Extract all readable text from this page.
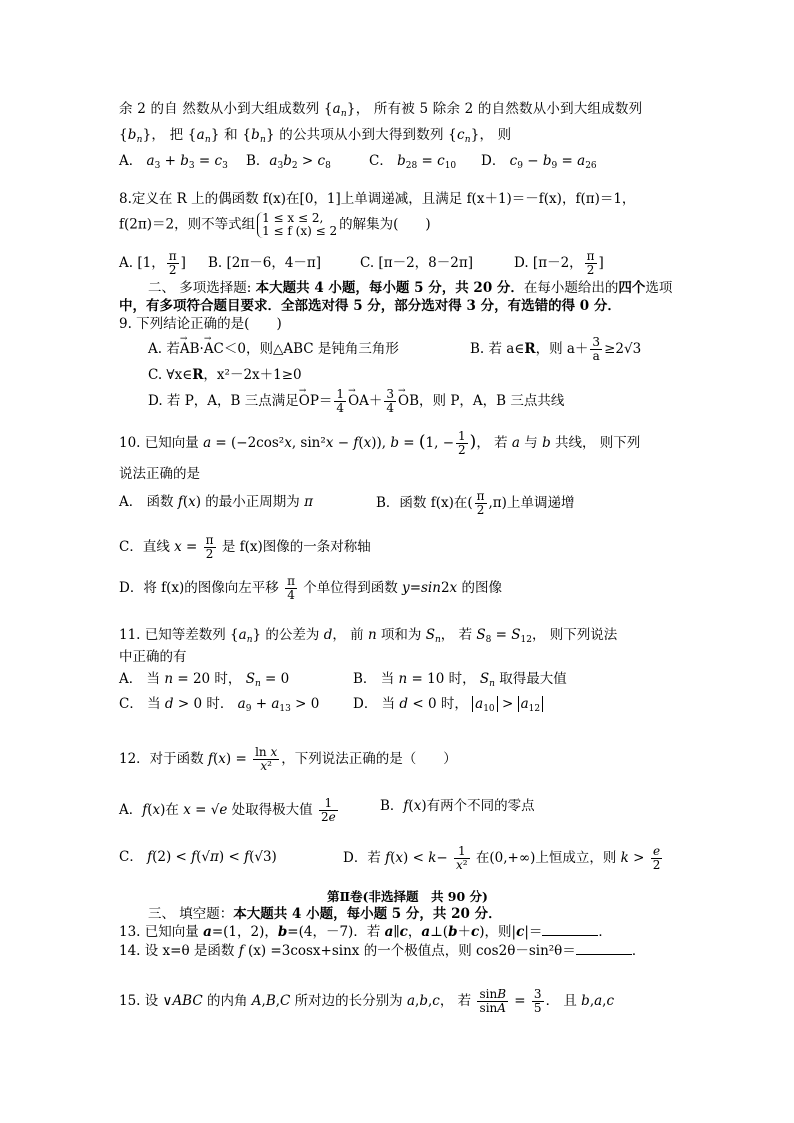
余 2 的自 然数从小到大组成数列 $\{a_n\}$， 所有被 5 除余 2 的自然数从小到大组成数列
$\{b_n\}$， 把 $\{a_n\}$ 和 $\{b_n\}$ 的公共项从小到大得到数列 $\{c_n\}$， 则
A． $a_3 + b_3 = c_3$ B．$a_3b_2 > c_8$	C． $b_{28} = c_{10}$ D． $c_9 - b_9 = a_{26}$
8.定义在 R 上的偶函数 f(x)在[0，1]上单调递减，且满足 f(x＋1)＝－f(x)，f(π)＝1，
f(2π)＝2，则不等式组 1 ≤ x ≤ 2,
1 ≤ f (x) ≤ 2 的解集为(　　)
A. [1， $\frac{\pi}{2}$ ] B. [2π－6，4－π]	C. [π－2，8－2π]	D. [π－2， $\frac{\pi}{2}$ ]
二、 多项选择题: 本大题共 4 小题，每小题 5 分，共 20 分．在每小题给出的四个选项
中，有多项符合题目要求．全部选对得 5 分，部分选对得 3 分，有选错的得 0 分．
9. 下列结论正确的是(　　)
A. 若→ AB·→ AC＜0，则△ABC 是钝角三角形	B. 若 a∈R，则 $a+ \frac{3}{a} \ge 2√3$
C. ∀x∈R，x²－2x＋1≥0
D. 若 P，A，B 三点满足→ $OP= \frac{1}{4}$
→ $OA+ \frac{3}{4}$
→ OB，则 P，A，B 三点共线
10. 已知向量 a = (−2cos²x, sin²x − f(x)), b = (1, − $\frac{1}{2}$ )， 若 a 与 b 共线， 则下列
说法正确的是
A． 函数 f(x) 的最小正周期为 π	B．函数 f(x)在( $\frac{\pi}{2} ,\pi$)上单调递增
C．直线 $x = \frac{\pi}{2}$ 是 f(x)图像的一条对称轴
D．将 f(x)的图像向左平移 $\frac{\pi}{4}$ 个单位得到函数 y=sin2x 的图像
11. 已知等差数列 $\{a_n\}$ 的公差为 d， 前 n 项和为 $S_n$， 若 $S_8 = S_{12}$， 则下列说法
中正确的有
A． 当 n = 20 时， $S_n = 0$	B． 当 n = 10 时， $S_n$ 取得最大值
C． 当 d > 0 时． $a_9 + a_{13} > 0$ D． 当 d < 0 时， $a_{10} > a_{12}$
12．对于函数 $f(x) = \frac{\text{ln x}}{\text{x²}}$ ，下列说法正确的是（　　）
A．f(x)在 x = √e 处取得极大值 $\frac{1}{2e}$	B．f(x)有两个不同的零点
C． f(2) < f(√π) < f(√3)	D．若 $f(x) < k- \frac{1}{\text{x²}}$ 在(0,+∞)上恒成立，则 $k > \frac{e}{2}$
第Ⅱ卷(非选择题　共 90 分)
三、 填空题：本大题共 4 小题，每小题 5 分，共 20 分．
13. 已知向量 a=(1，2)，b=(4，－7)．若 a∥c，a⊥(b＋c)，则|c|＝	．
14. 设 x=θ 是函数 f (x) =3cosx+sinx 的一个极值点，则 cos2θ－sin²θ＝	．
15. 设 ∨ABC 的内角 A,B,C 所对边的长分别为 a,b,c， 若 $\frac{\sin B}{\sin A} = \frac{3}{5}$ ． 且 b,a,c
